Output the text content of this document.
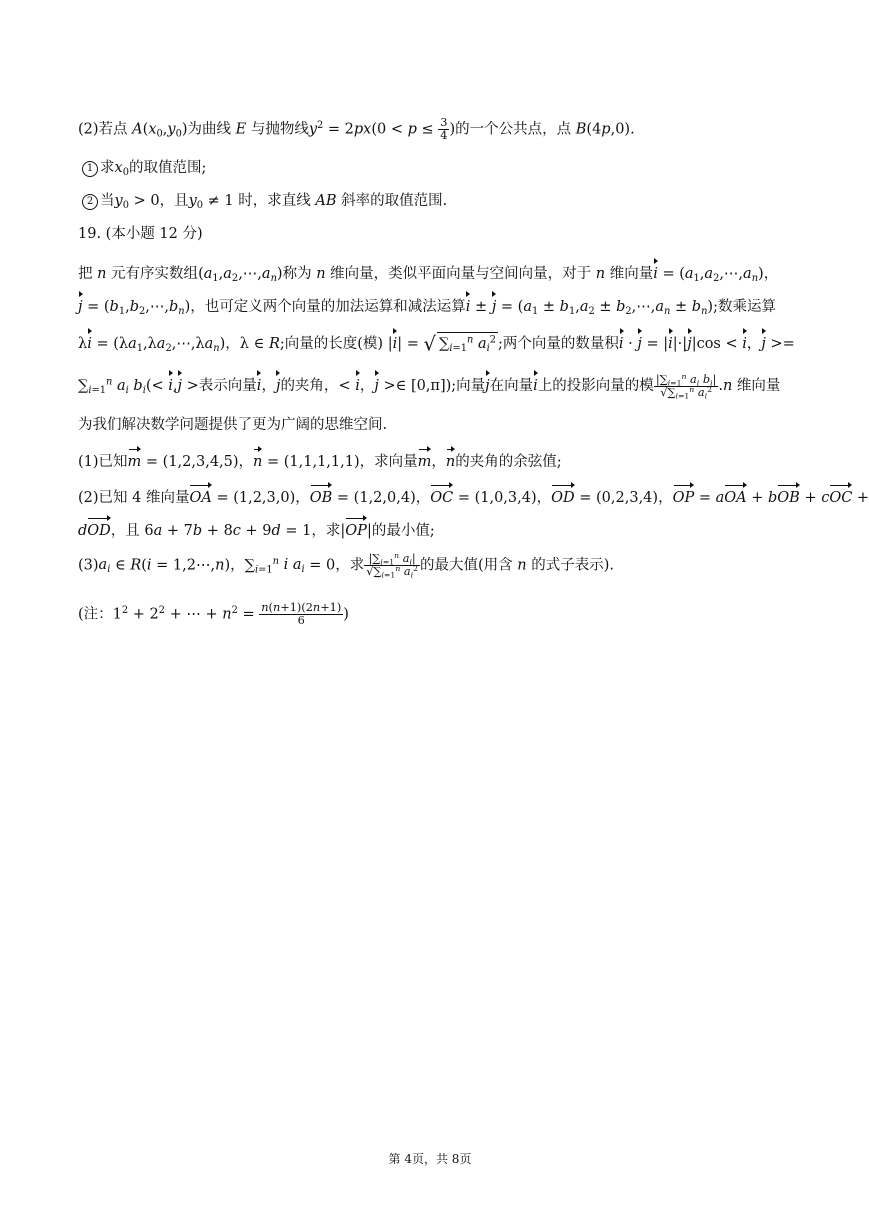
(2)若点 $A(x_0,y_0)$为曲线 E 与抛物线$y^2 = 2px(0 < p \le \frac{3}{4}$ )的一个公共点，点 B(4p,0).
1 求$x_0$的取值范围;
2 当$y_0 > 0$，且$y_0 \ne 1$ 时，求直线 AB 斜率的取值范围.
19. (本小题 12 分)
把 n 元有序实数组$(a_1,a_2,\cdots,a_n)$称为 n 维向量，类似平面向量与空间向量，对于 n 维向量$i = (a_1,a_2,\cdots,a_n)$，
$j = (b_1,b_2,\cdots,b_n)$，也可定义两个向量的加法运算和减法运算$i \pm j = (a_1 \pm b_1,a_2$ ± $b_2,\cdots,a_n \pm b_n$);数乘运算
$\lambda i = (\lambda a_1,\lambda a_2,\cdots,\lambda a_n)$，λ ∈ R;向量的长度(模) |i| = √ $\sum_{i=1}^n$ $a_i^2$ ;两个向量的数量积i · j = |i|·|j|cos < i，j >=
$\sum_{i=1}^n$ $a_i$ $b_i(< i,j$ >表示向量i，j的夹角，< i，j >∈ [0,π]);向量j在向量i上的投影向量的模 $\frac{|\sum_{i=1}^n a_i b_i|}{√\sum_{i=1}^n a_i^2} .n$ 维向量
为我们解决数学问题提供了更为广阔的思维空间.
(1)已知m = (1,2,3,4,5)，n = (1,1,1,1,1)，求向量m，n的夹角的余弦值;
(2)已知 4 维向量OA = (1,2,3,0)，OB = (1,2,0,4)，OC = (1,0,3,4)，OD = (0,2,3,4)，OP = aOA + bOB + cOC +
dOD，且 6a + 7b + 8c + 9d = 1，求|OP|的最小值;
$(3)a_i$ ∈ R(i = 1,2⋯,n)，$\sum_{i=1}^n$ i $a_i = 0$，求 $\frac{|\sum_{i=1}^n a_i|}{√\sum_{i=1}^n a_i^2}$ 的最大值(用含 n 的式子表示).
(注：$1^2 + 2^2$ + ⋯ + $n^2 = \frac{n(n+1)(2n+1)}{6}$ )
第 4页，共 8页
